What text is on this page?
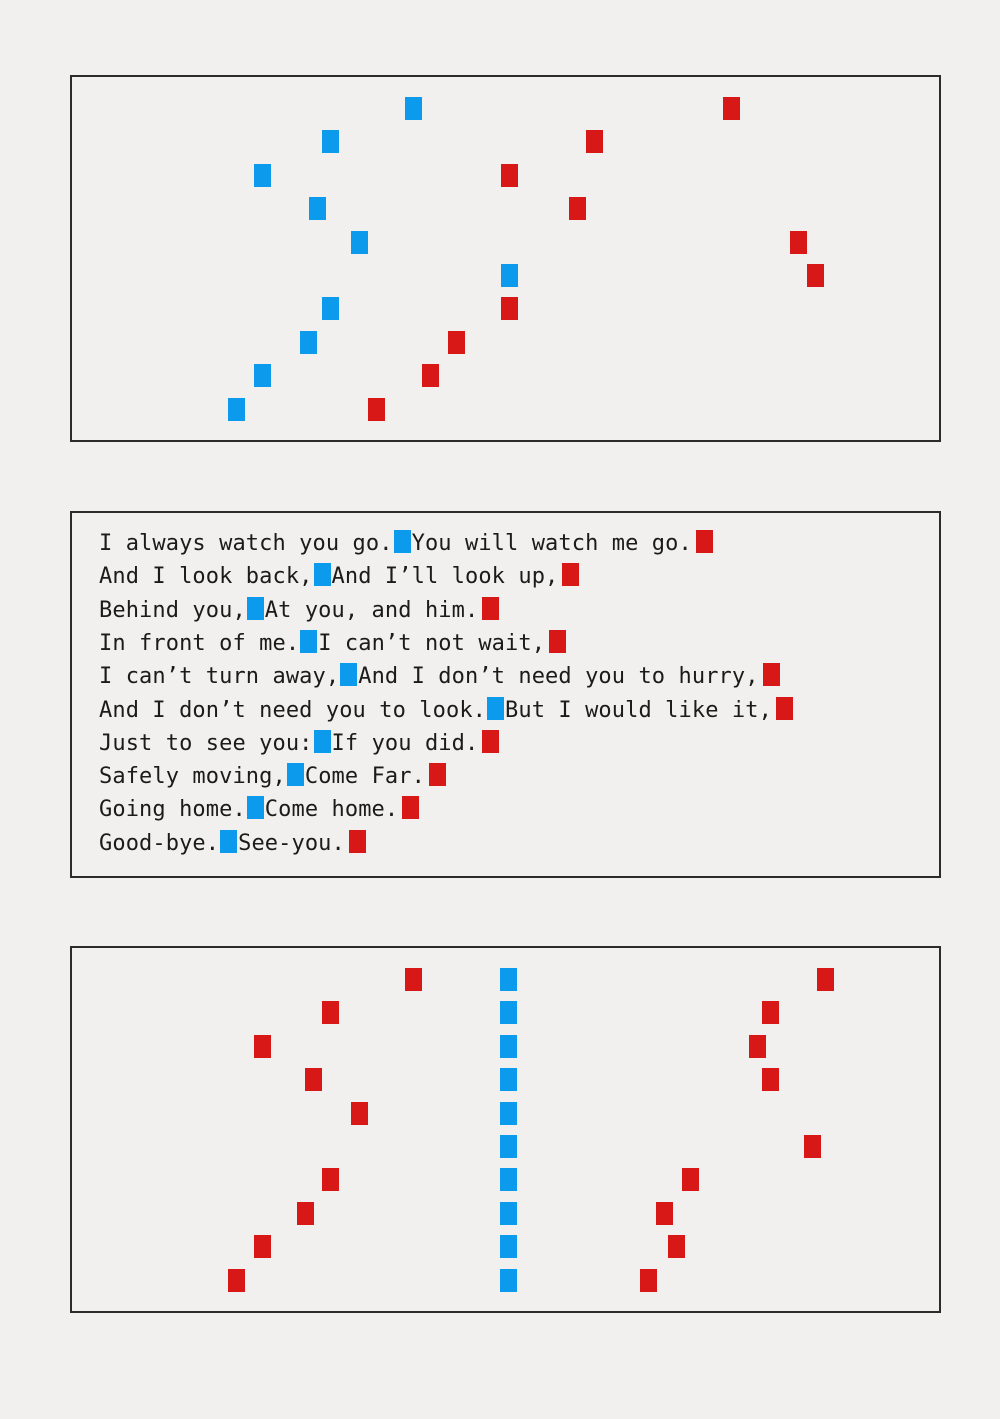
I always watch you go. You will watch me go.
And I look back, And I’ll look up,
Behind you, At you, and him.
In front of me. I can’t not wait,
I can’t turn away, And I don’t need you to hurry,
And I don’t need you to look. But I would like it,
Just to see you: If you did.
Safely moving, Come Far.
Going home. Come home.
Good-bye. See-you.
